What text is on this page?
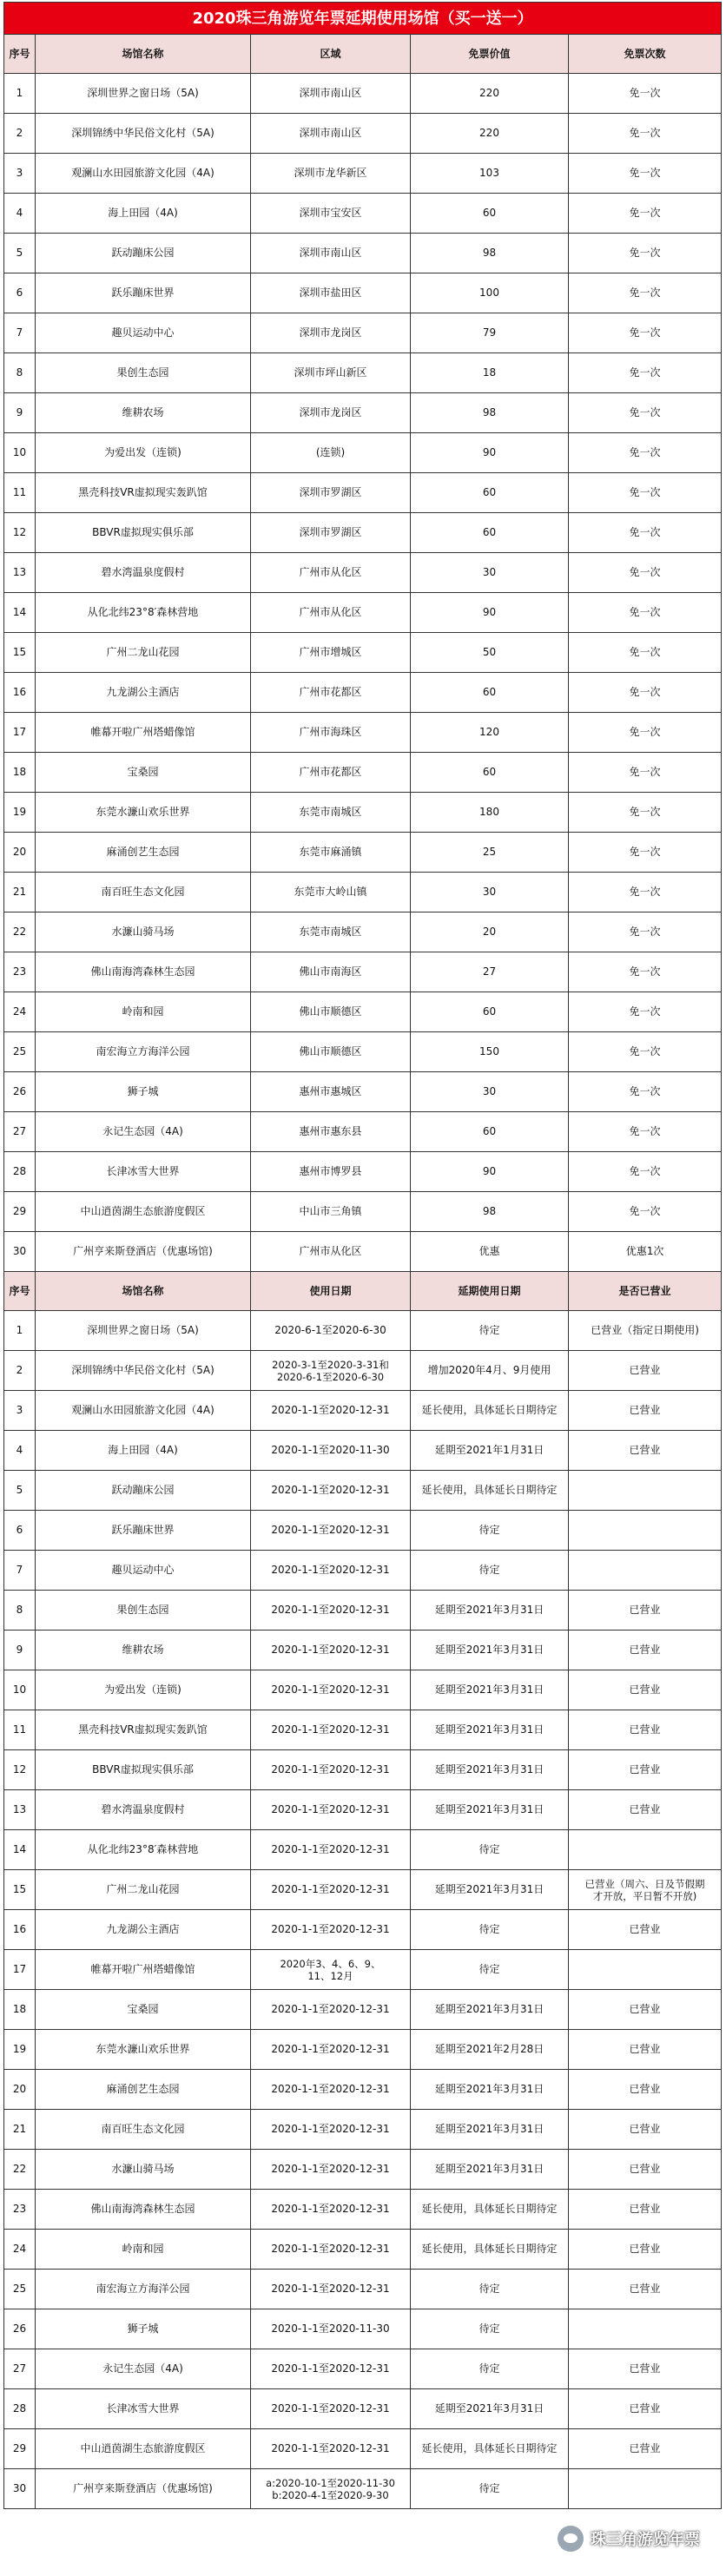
2020珠三角游览年票延期使用场馆（买一送一）				
序号	场馆名称	区域	免票价值	免票次数
1	深圳世界之窗日场（5A)	深圳市南山区	220	免一次
2	深圳锦绣中华民俗文化村（5A)	深圳市南山区	220	免一次
3	观澜山水田园旅游文化园（4A)	深圳市龙华新区	103	免一次
4	海上田园（4A)	深圳市宝安区	60	免一次
5	跃动蹦床公园	深圳市南山区	98	免一次
6	跃乐蹦床世界	深圳市盐田区	100	免一次
7	趣贝运动中心	深圳市龙岗区	79	免一次
8	果创生态园	深圳市坪山新区	18	免一次
9	维耕农场	深圳市龙岗区	98	免一次
10	为爱出发（连锁)	(连锁)	90	免一次
11	黑壳科技VR虚拟现实轰趴馆	深圳市罗湖区	60	免一次
12	BBVR虚拟现实俱乐部	深圳市罗湖区	60	免一次
13	碧水湾温泉度假村	广州市从化区	30	免一次
14	从化北纬23°8′森林营地	广州市从化区	90	免一次
15	广州二龙山花园	广州市增城区	50	免一次
16	九龙湖公主酒店	广州市花都区	60	免一次
17	帷幕开啦广州塔蜡像馆	广州市海珠区	120	免一次
18	宝桑园	广州市花都区	60	免一次
19	东莞水濂山欢乐世界	东莞市南城区	180	免一次
20	麻涌创艺生态园	东莞市麻涌镇	25	免一次
21	南百旺生态文化园	东莞市大岭山镇	30	免一次
22	水濂山骑马场	东莞市南城区	20	免一次
23	佛山南海湾森林生态园	佛山市南海区	27	免一次
24	岭南和园	佛山市顺德区	60	免一次
25	南宏海立方海洋公园	佛山市顺德区	150	免一次
26	狮子城	惠州市惠城区	30	免一次
27	永记生态园（4A)	惠州市惠东县	60	免一次
28	长津冰雪大世界	惠州市博罗县	90	免一次
29	中山逍茵湖生态旅游度假区	中山市三角镇	98	免一次
30	广州亨来斯登酒店（优惠场馆)	广州市从化区	优惠	优惠1次
序号	场馆名称	使用日期	延期使用日期	是否已营业
1	深圳世界之窗日场（5A)	2020-6-1至2020-6-30	待定	已营业（指定日期使用)
2	深圳锦绣中华民俗文化村（5A)	2020-3-1至2020-3-31和
2020-6-1至2020-6-30	增加2020年4月、9月使用	已营业
3	观澜山水田园旅游文化园（4A)	2020-1-1至2020-12-31	延长使用，具体延长日期待定	已营业
4	海上田园（4A)	2020-1-1至2020-11-30	延期至2021年1月31日	已营业
5	跃动蹦床公园	2020-1-1至2020-12-31	延长使用，具体延长日期待定	
6	跃乐蹦床世界	2020-1-1至2020-12-31	待定	
7	趣贝运动中心	2020-1-1至2020-12-31	待定	
8	果创生态园	2020-1-1至2020-12-31	延期至2021年3月31日	已营业
9	维耕农场	2020-1-1至2020-12-31	延期至2021年3月31日	已营业
10	为爱出发（连锁)	2020-1-1至2020-12-31	延期至2021年3月31日	已营业
11	黑壳科技VR虚拟现实轰趴馆	2020-1-1至2020-12-31	延期至2021年3月31日	已营业
12	BBVR虚拟现实俱乐部	2020-1-1至2020-12-31	延期至2021年3月31日	已营业
13	碧水湾温泉度假村	2020-1-1至2020-12-31	延期至2021年3月31日	已营业
14	从化北纬23°8′森林营地	2020-1-1至2020-12-31	待定	
15	广州二龙山花园	2020-1-1至2020-12-31	延期至2021年3月31日	已营业（周六、日及节假期
才开放，平日暂不开放)
16	九龙湖公主酒店	2020-1-1至2020-12-31	待定	已营业
17	帷幕开啦广州塔蜡像馆	2020年3、4、6、9、
11、12月	待定	
18	宝桑园	2020-1-1至2020-12-31	延期至2021年3月31日	已营业
19	东莞水濂山欢乐世界	2020-1-1至2020-12-31	延期至2021年2月28日	已营业
20	麻涌创艺生态园	2020-1-1至2020-12-31	延期至2021年3月31日	已营业
21	南百旺生态文化园	2020-1-1至2020-12-31	延期至2021年3月31日	已营业
22	水濂山骑马场	2020-1-1至2020-12-31	延期至2021年3月31日	已营业
23	佛山南海湾森林生态园	2020-1-1至2020-12-31	延长使用，具体延长日期待定	已营业
24	岭南和园	2020-1-1至2020-12-31	延长使用，具体延长日期待定	已营业
25	南宏海立方海洋公园	2020-1-1至2020-12-31	待定	已营业
26	狮子城	2020-1-1至2020-11-30	待定	
27	永记生态园（4A)	2020-1-1至2020-12-31	待定	已营业
28	长津冰雪大世界	2020-1-1至2020-12-31	延期至2021年3月31日	已营业
29	中山逍茵湖生态旅游度假区	2020-1-1至2020-12-31	延长使用，具体延长日期待定	已营业
30	广州亨来斯登酒店（优惠场馆)	a:2020-10-1至2020-11-30
b:2020-4-1至2020-9-30	待定	
珠三角游览年票
